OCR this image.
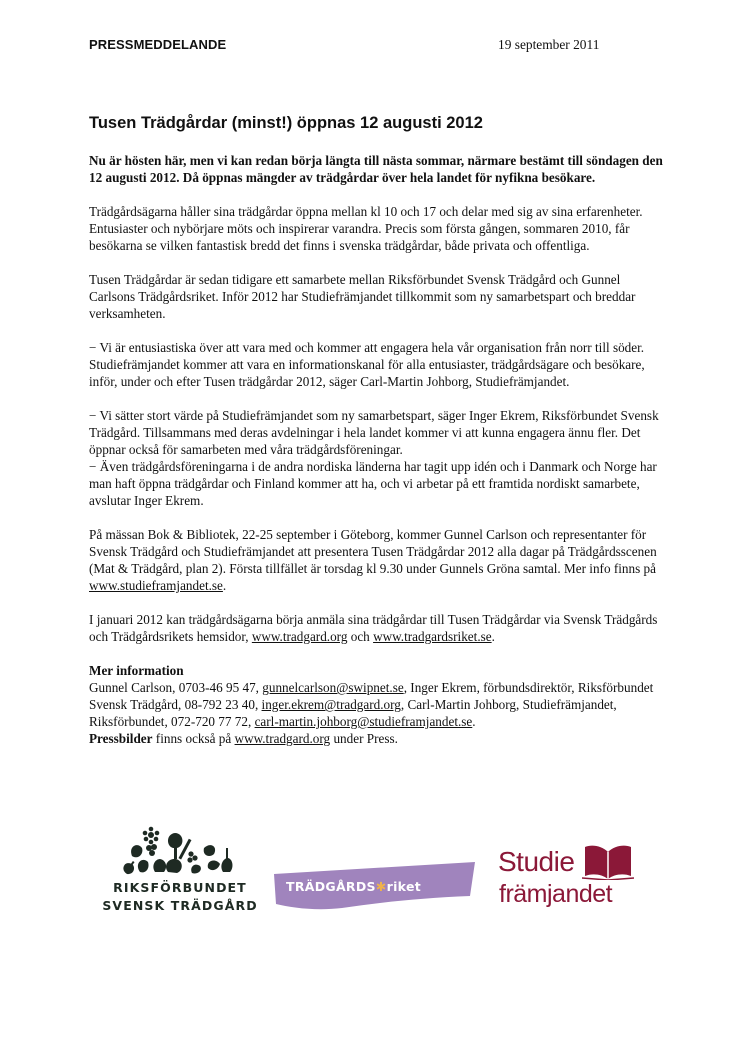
PRESSMEDDELANDE	19 september 2011
Tusen Trädgårdar (minst!) öppnas 12 augusti 2012

Nu är hösten här, men vi kan redan börja längta till nästa sommar, närmare bestämt till söndagen den 12 augusti 2012. Då öppnas mängder av trädgårdar över hela landet för nyfikna besökare.

Trädgårdsägarna håller sina trädgårdar öppna mellan kl 10 och 17 och delar med sig av sina erfarenheter. Entusiaster och nybörjare möts och inspirerar varandra. Precis som första gången, sommaren 2010, får besökarna se vilken fantastisk bredd det finns i svenska trädgårdar, både privata och offentliga.

Tusen Trädgårdar är sedan tidigare ett samarbete mellan Riksförbundet Svensk Trädgård och Gunnel Carlsons Trädgårdsriket. Inför 2012 har Studiefrämjandet tillkommit som ny samarbetspart och breddar verksamheten.

− Vi är entusiastiska över att vara med och kommer att engagera hela vår organisation från norr till söder. Studiefrämjandet kommer att vara en informationskanal för alla entusiaster, trädgårdsägare och besökare, inför, under och efter Tusen trädgårdar 2012, säger Carl-Martin Johborg, Studiefrämjandet.

− Vi sätter stort värde på Studiefrämjandet som ny samarbetspart, säger Inger Ekrem, Riksförbundet Svensk Trädgård. Tillsammans med deras avdelningar i hela landet kommer vi att kunna engagera ännu fler. Det öppnar också för samarbeten med våra trädgårdsföreningar.

− Även trädgårdsföreningarna i de andra nordiska länderna har tagit upp idén och i Danmark och Norge har man haft öppna trädgårdar och Finland kommer att ha, och vi arbetar på ett framtida nordiskt samarbete, avslutar Inger Ekrem.

På mässan Bok & Bibliotek, 22-25 september i Göteborg, kommer Gunnel Carlson och representanter för Svensk Trädgård och Studiefrämjandet att presentera Tusen Trädgårdar 2012 alla dagar på Trädgårdsscenen (Mat & Trädgård, plan 2). Första tillfället är torsdag kl 9.30 under Gunnels Gröna samtal. Mer info finns på www.studieframjandet.se.

I januari 2012 kan trädgårdsägarna börja anmäla sina trädgårdar till Tusen Trädgårdar via Svensk Trädgårds och Trädgårdsrikets hemsidor, www.tradgard.org och www.tradgardsriket.se.

Mer information
Gunnel Carlson, 0703-46 95 47, gunnelcarlson@swipnet.se, Inger Ekrem, förbundsdirektör, Riksförbundet Svensk Trädgård, 08-792 23 40, inger.ekrem@tradgard.org, Carl-Martin Johborg, Studiefrämjandet, Riksförbundet, 072-720 77 72, carl-martin.johborg@studieframjandet.se.
Pressbilder finns också på www.tradgard.org under Press.

RIKSFÖRBUNDET
SVENSK TRÄDGÅRD
TRÄDGÅRDS✱riket
Studie
främjandet
